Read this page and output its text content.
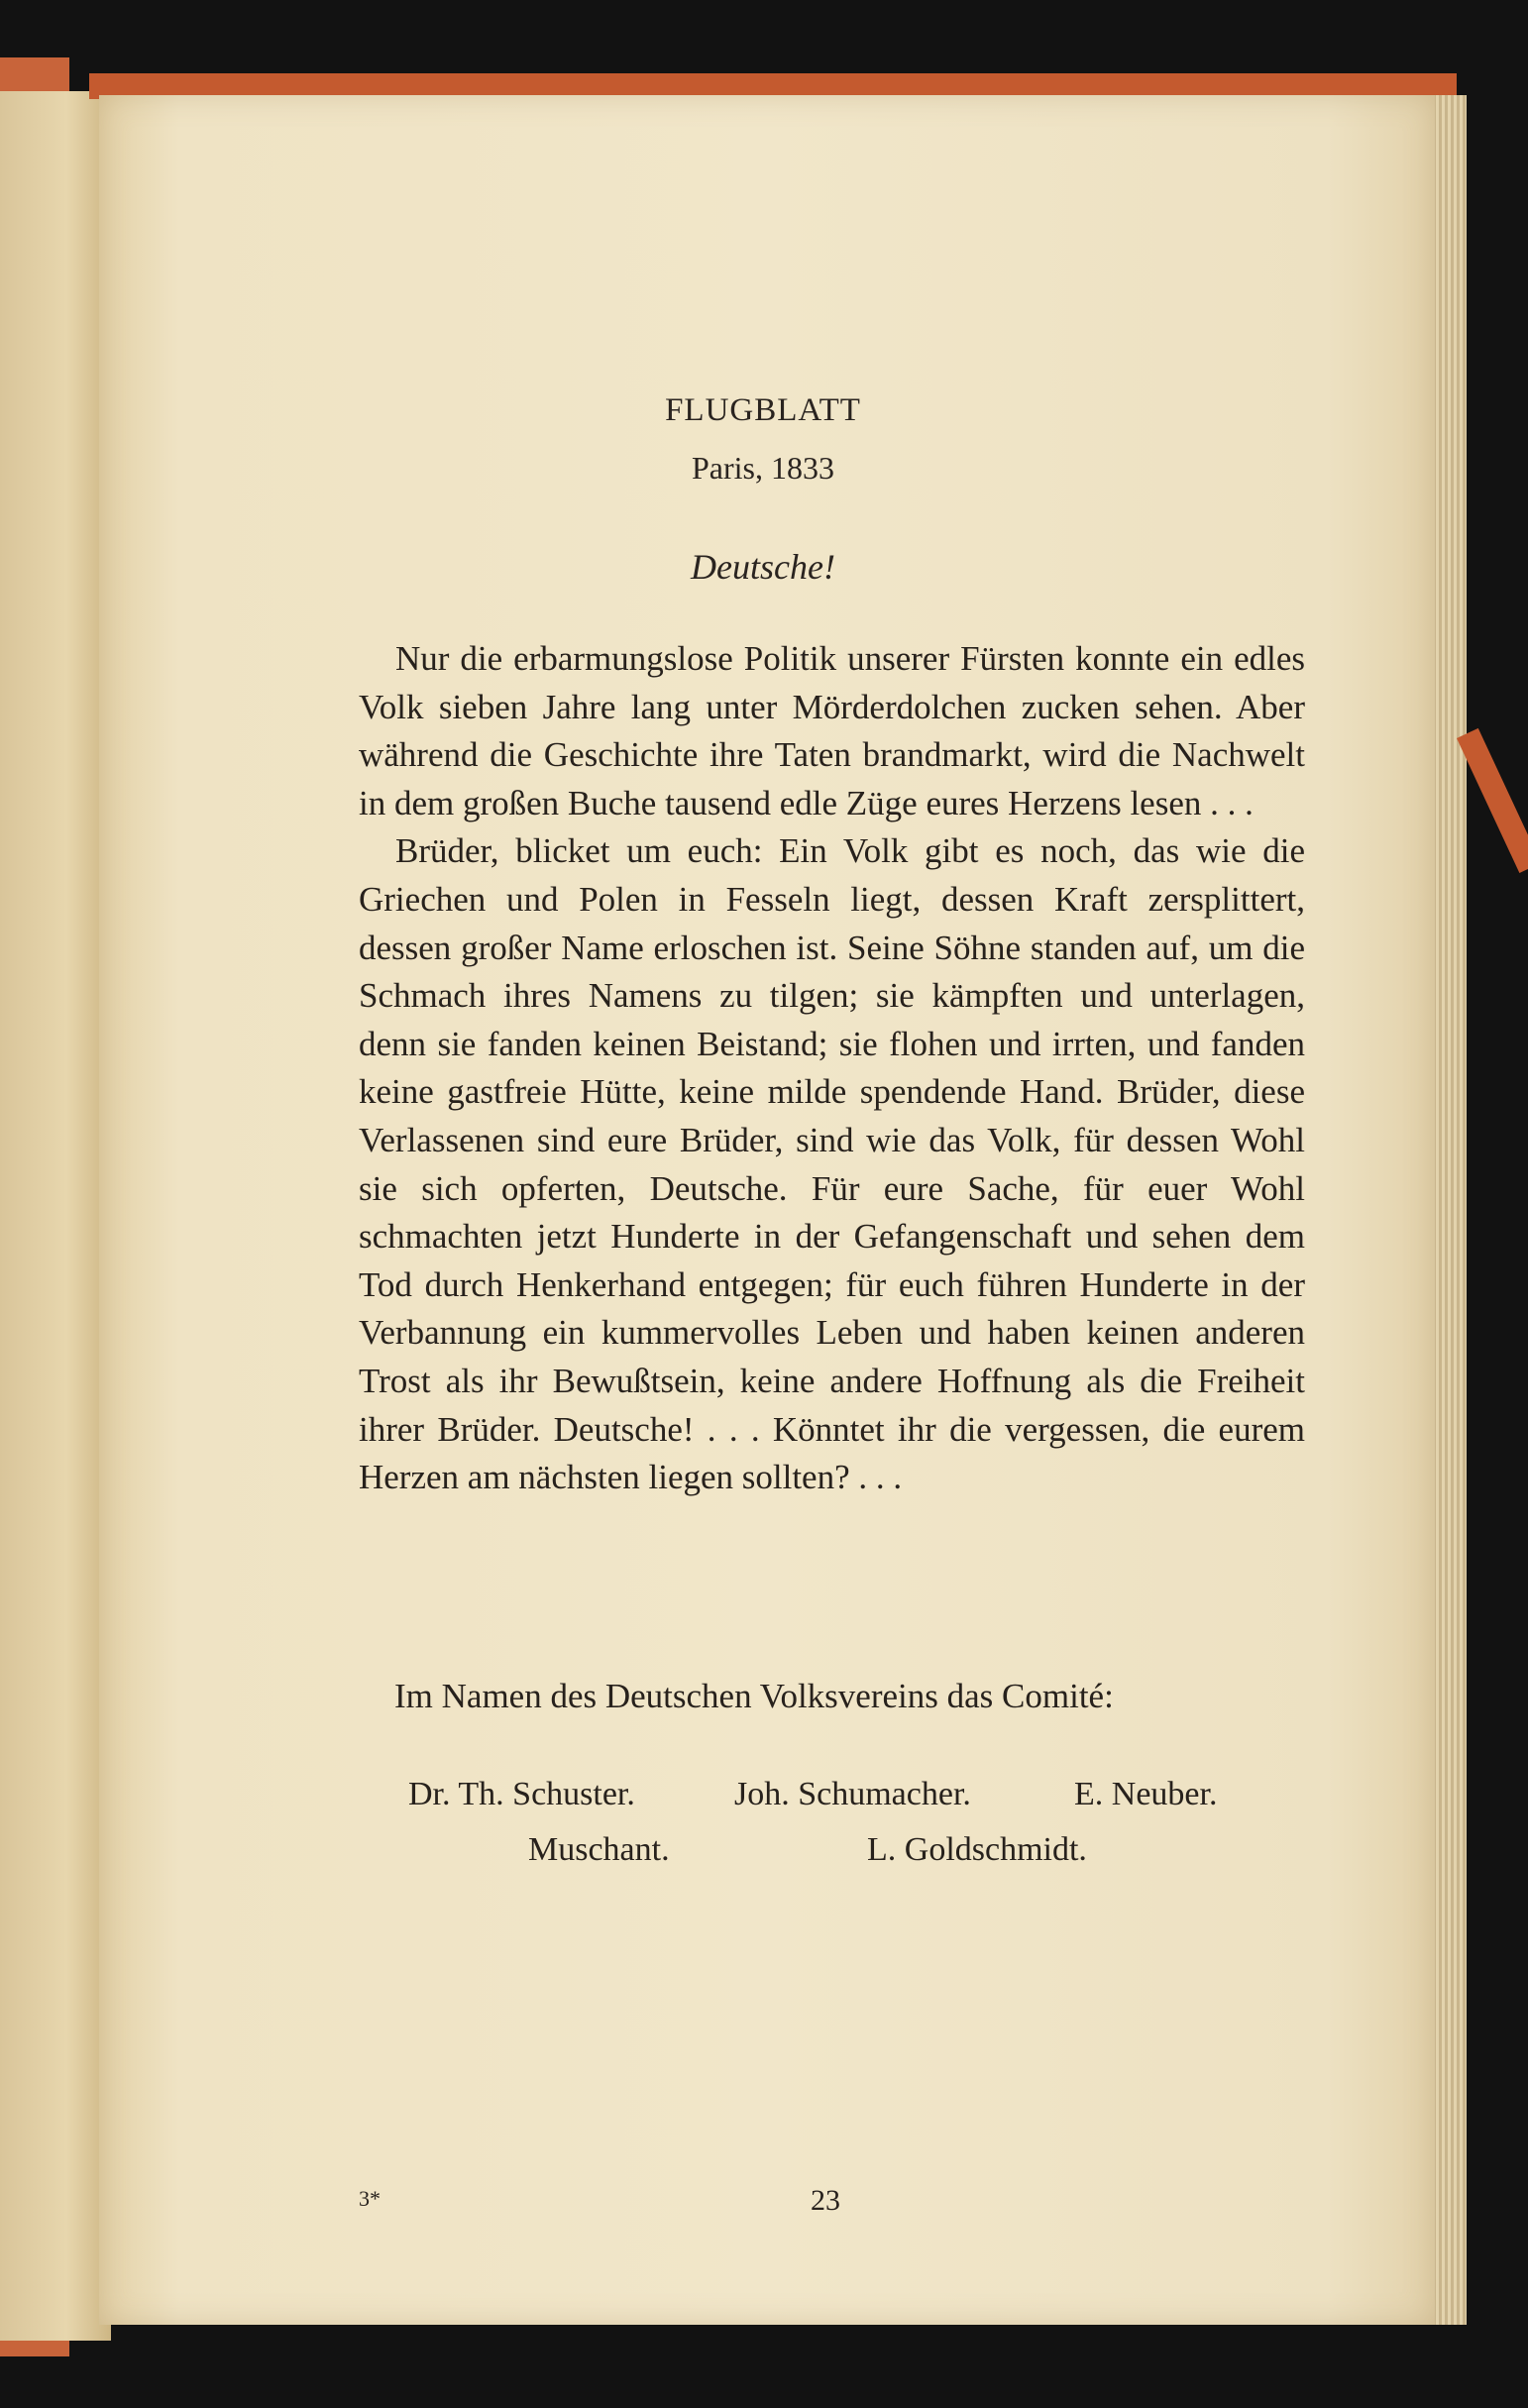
FLUGBLATT
Paris, 1833
Deutsche!

Nur die erbarmungslose Politik unserer Fürsten konnte ein edles Volk sieben Jahre lang unter Mörderdolchen zucken sehen. Aber während die Geschichte ihre Taten brandmarkt, wird die Nachwelt in dem großen Buche tausend edle Züge eures Herzens lesen . . .

Brüder, blicket um euch: Ein Volk gibt es noch, das wie die Griechen und Polen in Fesseln liegt, dessen Kraft zersplittert, dessen großer Name erloschen ist. Seine Söhne standen auf, um die Schmach ihres Namens zu tilgen; sie kämpften und unterlagen, denn sie fanden keinen Beistand; sie flohen und irrten, und fanden keine gastfreie Hütte, keine milde spendende Hand. Brüder, diese Verlassenen sind eure Brüder, sind wie das Volk, für dessen Wohl sie sich opferten, Deutsche. Für eure Sache, für euer Wohl schmachten jetzt Hunderte in der Gefangenschaft und sehen dem Tod durch Henkerhand entgegen; für euch führen Hunderte in der Verbannung ein kummervolles Leben und haben keinen anderen Trost als ihr Bewußtsein, keine andere Hoffnung als die Freiheit ihrer Brüder. Deutsche! . . . Könntet ihr die vergessen, die eurem Herzen am nächsten liegen sollten? . . .

Im Namen des Deutschen Volksvereins das Comité:
Dr. Th. Schuster.	Joh. Schumacher.	E. Neuber.
Muschant.	L. Goldschmidt.
3*	23
